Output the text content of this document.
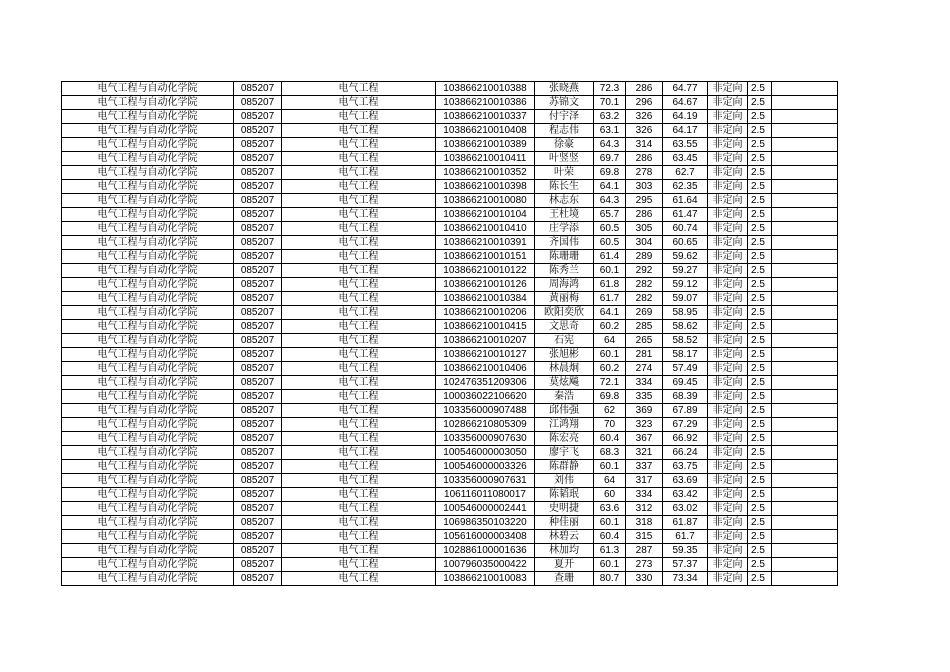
电气工程与自动化学院	085207	电气工程	103866210010388	张晓燕	72.3	286	64.77	非定向	2.5	
电气工程与自动化学院	085207	电气工程	103866210010386	苏锦文	70.1	296	64.67	非定向	2.5	
电气工程与自动化学院	085207	电气工程	103866210010337	付宇泽	63.2	326	64.19	非定向	2.5	
电气工程与自动化学院	085207	电气工程	103866210010408	程志伟	63.1	326	64.17	非定向	2.5	
电气工程与自动化学院	085207	电气工程	103866210010389	徐豪	64.3	314	63.55	非定向	2.5	
电气工程与自动化学院	085207	电气工程	103866210010411	叶竖竖	69.7	286	63.45	非定向	2.5	
电气工程与自动化学院	085207	电气工程	103866210010352	叶荣	69.8	278	62.7	非定向	2.5	
电气工程与自动化学院	085207	电气工程	103866210010398	陈长生	64.1	303	62.35	非定向	2.5	
电气工程与自动化学院	085207	电气工程	103866210010080	林志东	64.3	295	61.64	非定向	2.5	
电气工程与自动化学院	085207	电气工程	103866210010104	王杜境	65.7	286	61.47	非定向	2.5	
电气工程与自动化学院	085207	电气工程	103866210010410	庄学添	60.5	305	60.74	非定向	2.5	
电气工程与自动化学院	085207	电气工程	103866210010391	齐国伟	60.5	304	60.65	非定向	2.5	
电气工程与自动化学院	085207	电气工程	103866210010151	陈珊珊	61.4	289	59.62	非定向	2.5	
电气工程与自动化学院	085207	电气工程	103866210010122	陈秀兰	60.1	292	59.27	非定向	2.5	
电气工程与自动化学院	085207	电气工程	103866210010126	周海鸿	61.8	282	59.12	非定向	2.5	
电气工程与自动化学院	085207	电气工程	103866210010384	黄丽梅	61.7	282	59.07	非定向	2.5	
电气工程与自动化学院	085207	电气工程	103866210010206	欧阳奕欣	64.1	269	58.95	非定向	2.5	
电气工程与自动化学院	085207	电气工程	103866210010415	文思奇	60.2	285	58.62	非定向	2.5	
电气工程与自动化学院	085207	电气工程	103866210010207	石宪	64	265	58.52	非定向	2.5	
电气工程与自动化学院	085207	电气工程	103866210010127	张旭彬	60.1	281	58.17	非定向	2.5	
电气工程与自动化学院	085207	电气工程	103866210010406	林晨炯	60.2	274	57.49	非定向	2.5	
电气工程与自动化学院	085207	电气工程	102476351209306	莫炫飚	72.1	334	69.45	非定向	2.5	
电气工程与自动化学院	085207	电气工程	100036022106620	秦浩	69.8	335	68.39	非定向	2.5	
电气工程与自动化学院	085207	电气工程	103356000907488	邱伟强	62	369	67.89	非定向	2.5	
电气工程与自动化学院	085207	电气工程	102866210805309	江鸿翔	70	323	67.29	非定向	2.5	
电气工程与自动化学院	085207	电气工程	103356000907630	陈宏亮	60.4	367	66.92	非定向	2.5	
电气工程与自动化学院	085207	电气工程	100546000003050	廖宇飞	68.3	321	66.24	非定向	2.5	
电气工程与自动化学院	085207	电气工程	100546000003326	陈群静	60.1	337	63.75	非定向	2.5	
电气工程与自动化学院	085207	电气工程	103356000907631	刘伟	64	317	63.69	非定向	2.5	
电气工程与自动化学院	085207	电气工程	106116011080017	陈韬珉	60	334	63.42	非定向	2.5	
电气工程与自动化学院	085207	电气工程	100546000002441	史明捷	63.6	312	63.02	非定向	2.5	
电气工程与自动化学院	085207	电气工程	106986350103220	种佳丽	60.1	318	61.87	非定向	2.5	
电气工程与自动化学院	085207	电气工程	105616000003408	林碧云	60.4	315	61.7	非定向	2.5	
电气工程与自动化学院	085207	电气工程	102886100001636	林加均	61.3	287	59.35	非定向	2.5	
电气工程与自动化学院	085207	电气工程	100796035000422	夏开	60.1	273	57.37	非定向	2.5	
电气工程与自动化学院	085207	电气工程	103866210010083	查珊	80.7	330	73.34	非定向	2.5	
